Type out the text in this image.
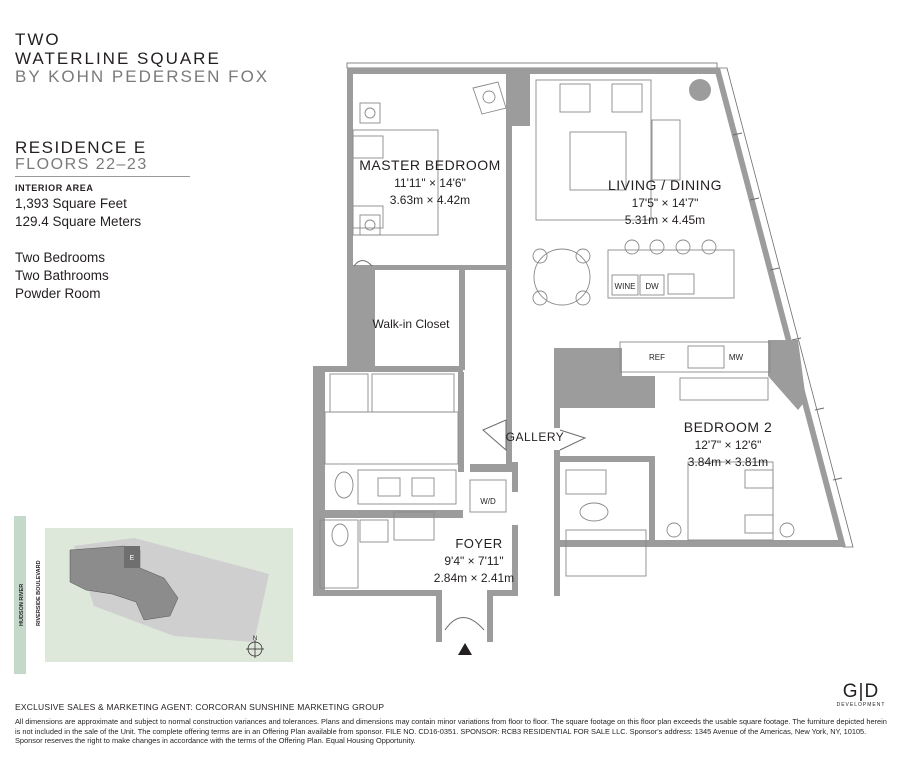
TWO
WATERLINE SQUARE
BY KOHN PEDERSEN FOX
RESIDENCE E
FLOORS 22–23
INTERIOR AREA
1,393 Square Feet
129.4 Square Meters
Two Bedrooms
Two Bathrooms
Powder Room
MASTER BEDROOM
11'11" × 14'6"
3.63m × 4.42m
LIVING / DINING
17'5" × 14'7"
5.31m × 4.45m
BEDROOM 2
12'7" × 12'6"
3.84m × 3.81m
FOYER
9'4" × 7'11"
2.84m × 2.41m
Walk-in Closet
GALLERY
W/D
WINE DW
REF	MW
HUDSON RIVER RIVERSIDE BOULEVARD
E
N
G|D
DEVELOPMENT
EXCLUSIVE SALES & MARKETING AGENT: CORCORAN SUNSHINE MARKETING GROUP
All dimensions are approximate and subject to normal construction variances and tolerances. Plans and dimensions may contain minor variations from floor to floor. The square footage on this floor plan exceeds the usable square footage. The furniture depicted herein is not included in the sale of the Unit. The complete offering terms are in an Offering Plan available from sponsor. FILE NO. CD16-0351. SPONSOR: RCB3 RESIDENTIAL FOR SALE LLC. Sponsor's address: 1345 Avenue of the Americas, New York, NY, 10105. Sponsor reserves the right to make changes in accordance with the terms of the Offering Plan. Equal Housing Opportunity.
